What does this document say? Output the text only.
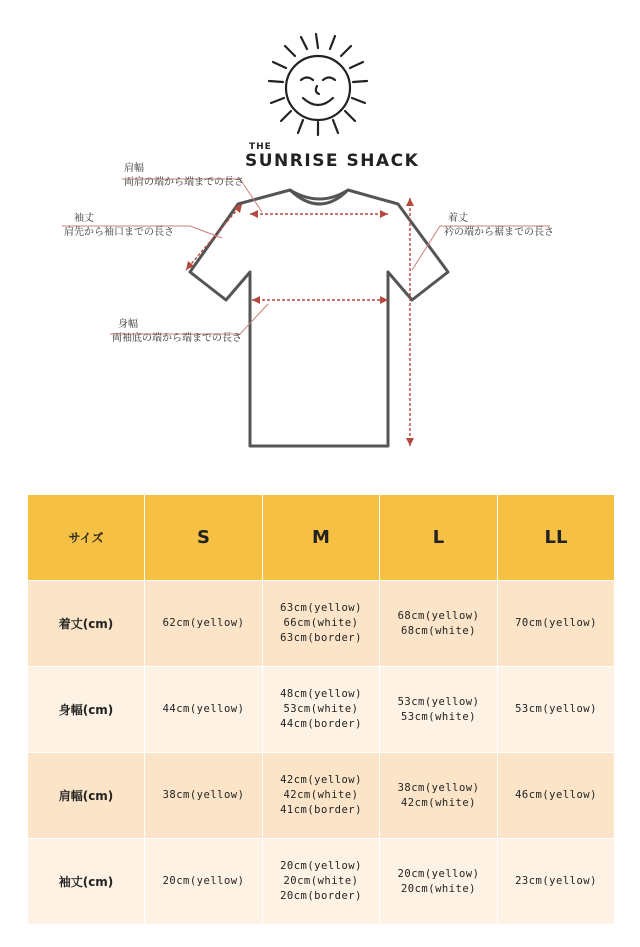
THE
SUNRISE SHACK
肩幅
両肩の端から端までの長さ
袖丈
肩先から袖口までの長さ
着丈
衿の端から裾までの長さ
身幅
両袖底の端から端までの長さ
サイズ	S	M	L	LL
着丈(cm)	62cm(yellow)	63cm(yellow)
66cm(white)
63cm(border)	68cm(yellow)
68cm(white)	70cm(yellow)

身幅(cm)	44cm(yellow)	48cm(yellow)
53cm(white)
44cm(border)	53cm(yellow)
53cm(white)	53cm(yellow)

肩幅(cm)	38cm(yellow)	42cm(yellow)
42cm(white)
41cm(border)	38cm(yellow)
42cm(white)	46cm(yellow)

袖丈(cm)	20cm(yellow)	20cm(yellow)
20cm(white)
20cm(border)	20cm(yellow)
20cm(white)	23cm(yellow)
